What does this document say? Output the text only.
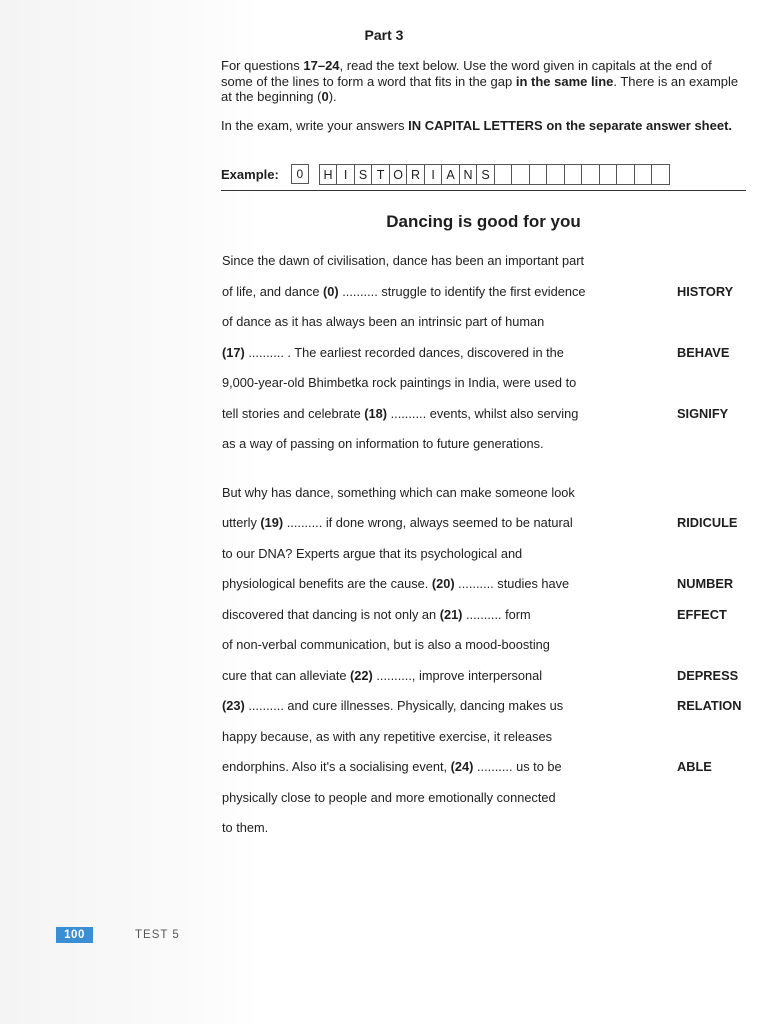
Part 3

For questions 17–24, read the text below. Use the word given in capitals at the end of some of the lines to form a word that fits in the gap in the same line. There is an example at the beginning (0).

In the exam, write your answers IN CAPITAL LETTERS on the separate answer sheet.

Example:	0	H I S T O R I A N S
Dancing is good for you
Since the dawn of civilisation, dance has been an important part
of life, and dance (0) .......... struggle to identify the first evidence	HISTORY
of dance as it has always been an intrinsic part of human
(17) .......... . The earliest recorded dances, discovered in the	BEHAVE
9,000-year-old Bhimbetka rock paintings in India, were used to
tell stories and celebrate (18) .......... events, whilst also serving	SIGNIFY
as a way of passing on information to future generations.
But why has dance, something which can make someone look
utterly (19) .......... if done wrong, always seemed to be natural	RIDICULE
to our DNA? Experts argue that its psychological and
physiological benefits are the cause. (20) .......... studies have	NUMBER
discovered that dancing is not only an (21) .......... form	EFFECT
of non-verbal communication, but is also a mood-boosting
cure that can alleviate (22) .........., improve interpersonal	DEPRESS
(23) .......... and cure illnesses. Physically, dancing makes us	RELATION
happy because, as with any repetitive exercise, it releases
endorphins. Also it's a socialising event, (24) .......... us to be	ABLE
physically close to people and more emotionally connected
to them.
100	TEST 5
